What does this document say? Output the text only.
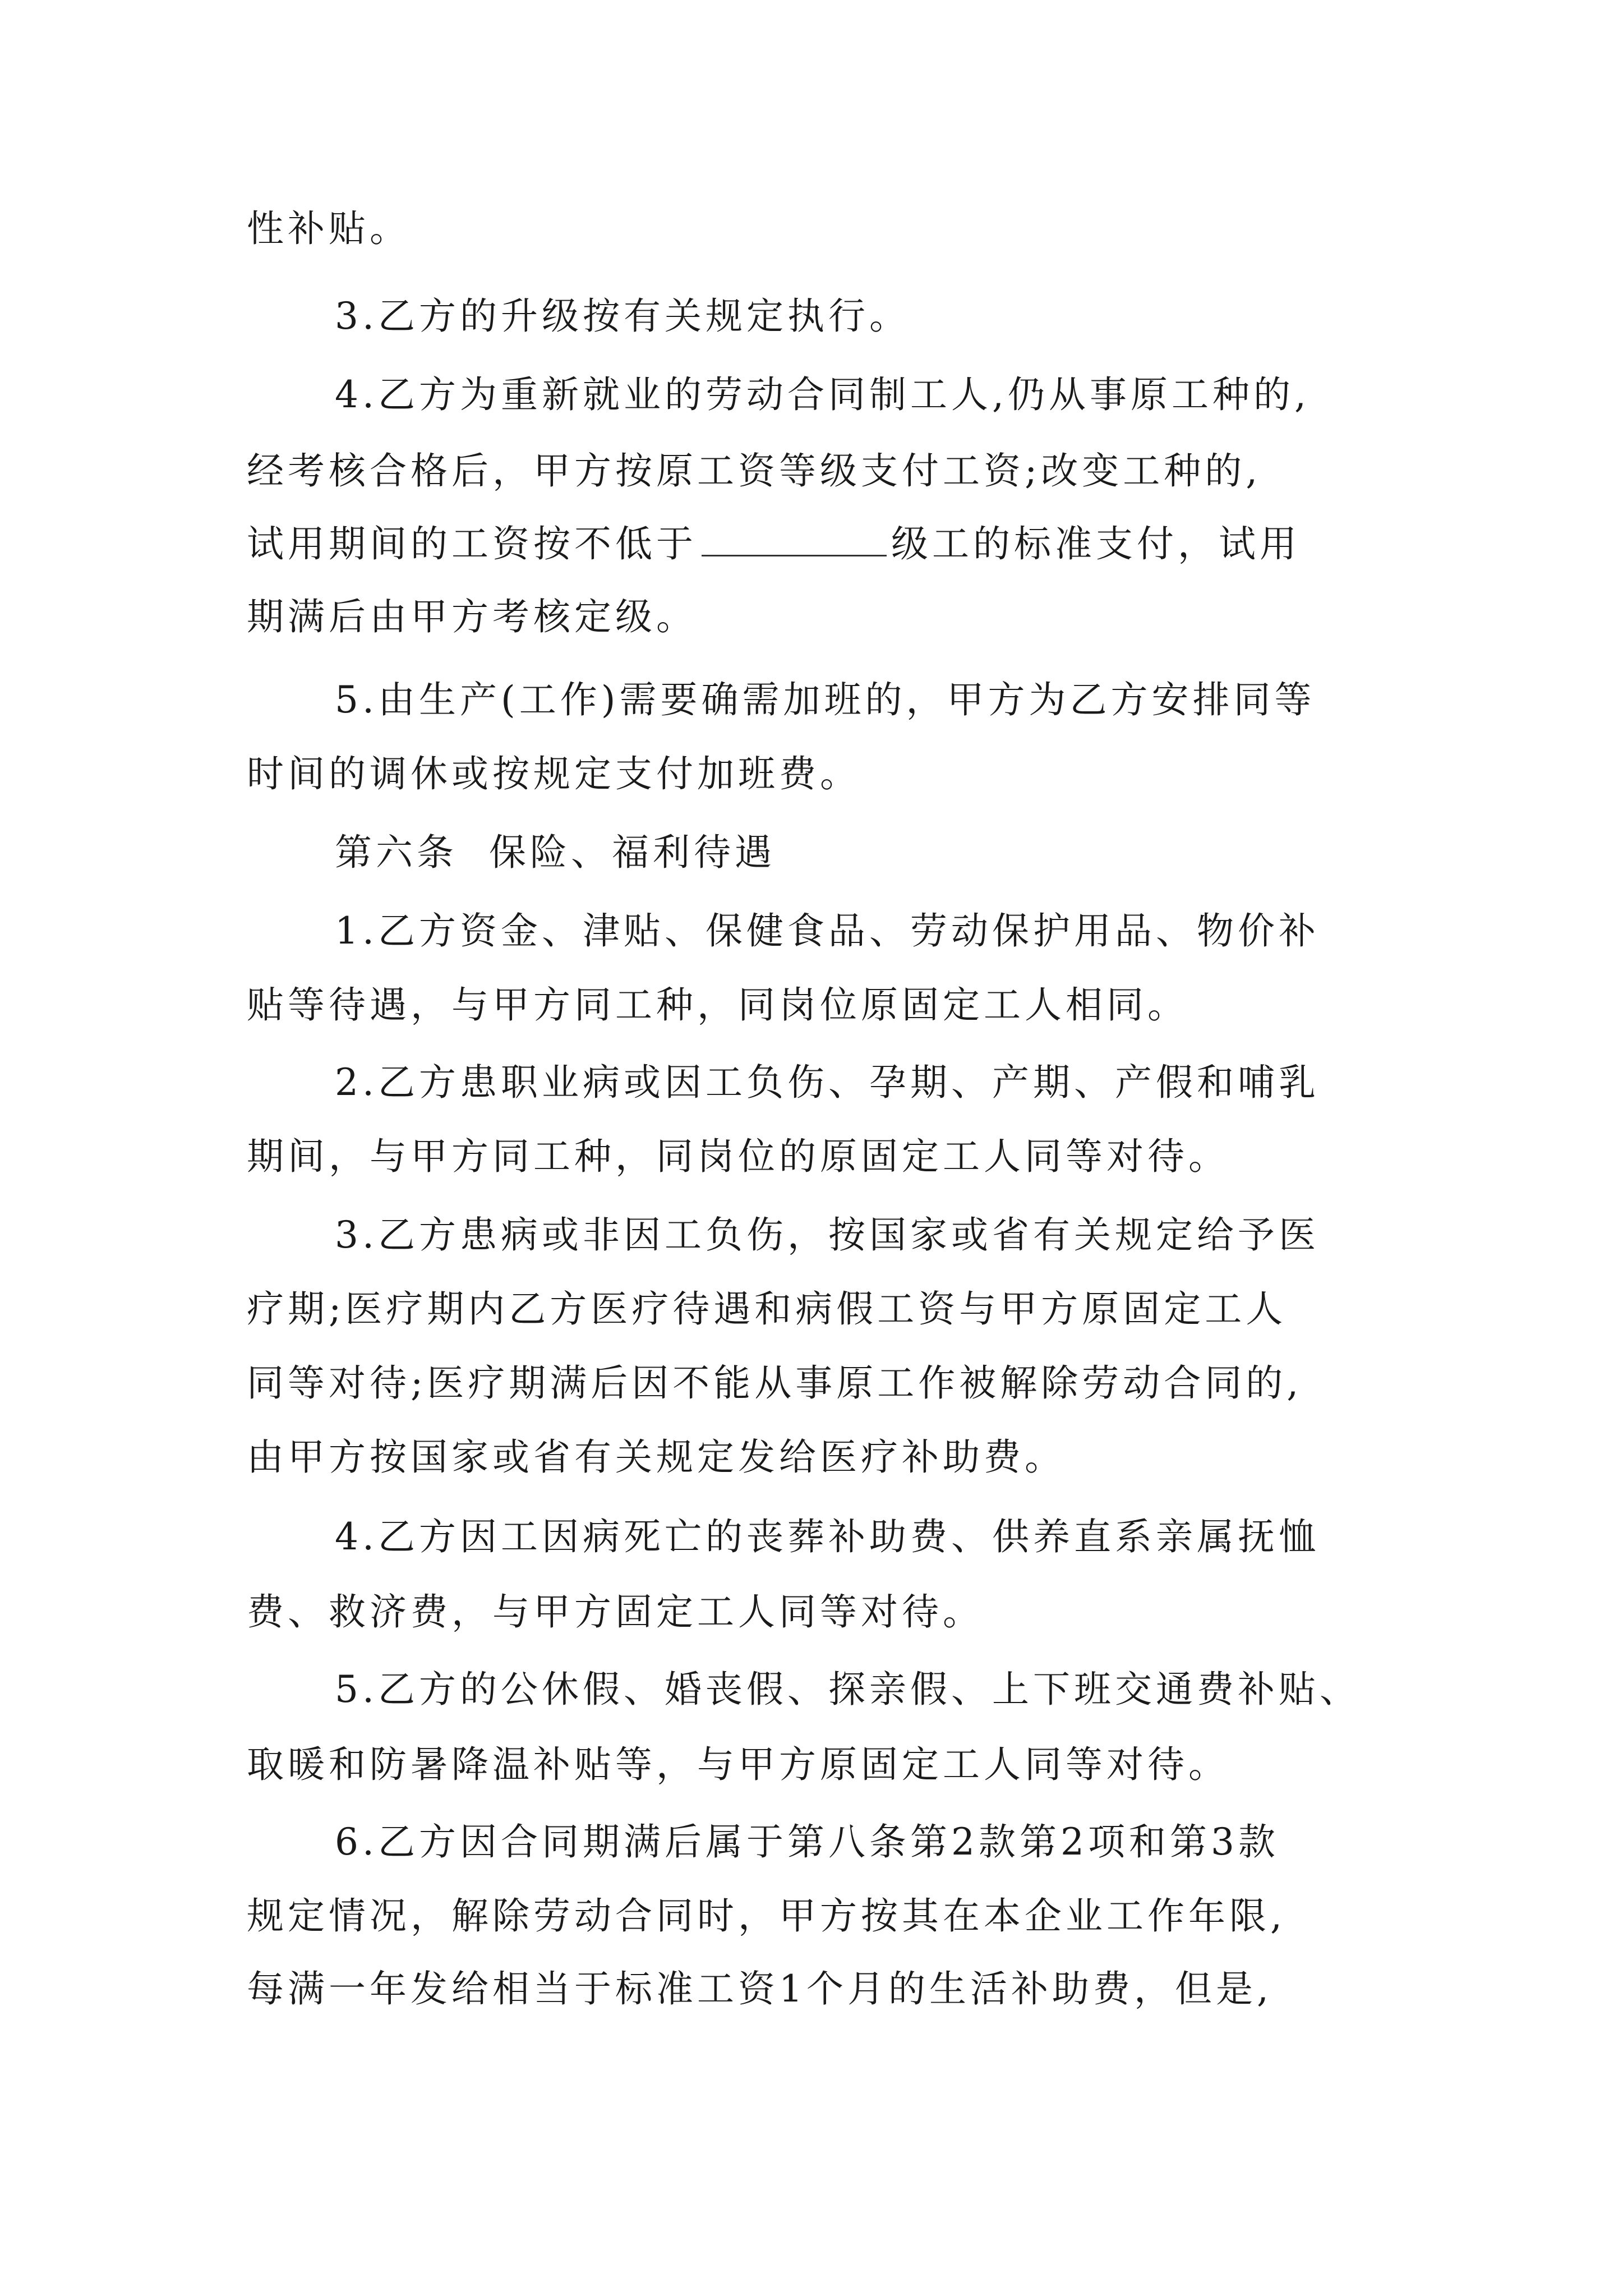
性补贴。
3.乙方的升级按有关规定执行。
4.乙方为重新就业的劳动合同制工人,仍从事原工种的,
经考核合格后，甲方按原工资等级支付工资;改变工种的,
试用期间的工资按不低于	级工的标准支付，试用
期满后由甲方考核定级。
5.由生产(工作)需要确需加班的，甲方为乙方安排同等
时间的调休或按规定支付加班费。
第六条  保险、福利待遇
1.乙方资金、津贴、保健食品、劳动保护用品、物价补
贴等待遇，与甲方同工种，同岗位原固定工人相同。
2.乙方患职业病或因工负伤、孕期、产期、产假和哺乳
期间，与甲方同工种，同岗位的原固定工人同等对待。
3.乙方患病或非因工负伤，按国家或省有关规定给予医
疗期;医疗期内乙方医疗待遇和病假工资与甲方原固定工人
同等对待;医疗期满后因不能从事原工作被解除劳动合同的,
由甲方按国家或省有关规定发给医疗补助费。
4.乙方因工因病死亡的丧葬补助费、供养直系亲属抚恤
费、救济费，与甲方固定工人同等对待。
5.乙方的公休假、婚丧假、探亲假、上下班交通费补贴、
取暖和防暑降温补贴等，与甲方原固定工人同等对待。
6.乙方因合同期满后属于第八条第2款第2项和第3款
规定情况，解除劳动合同时，甲方按其在本企业工作年限,
每满一年发给相当于标准工资1个月的生活补助费，但是,
